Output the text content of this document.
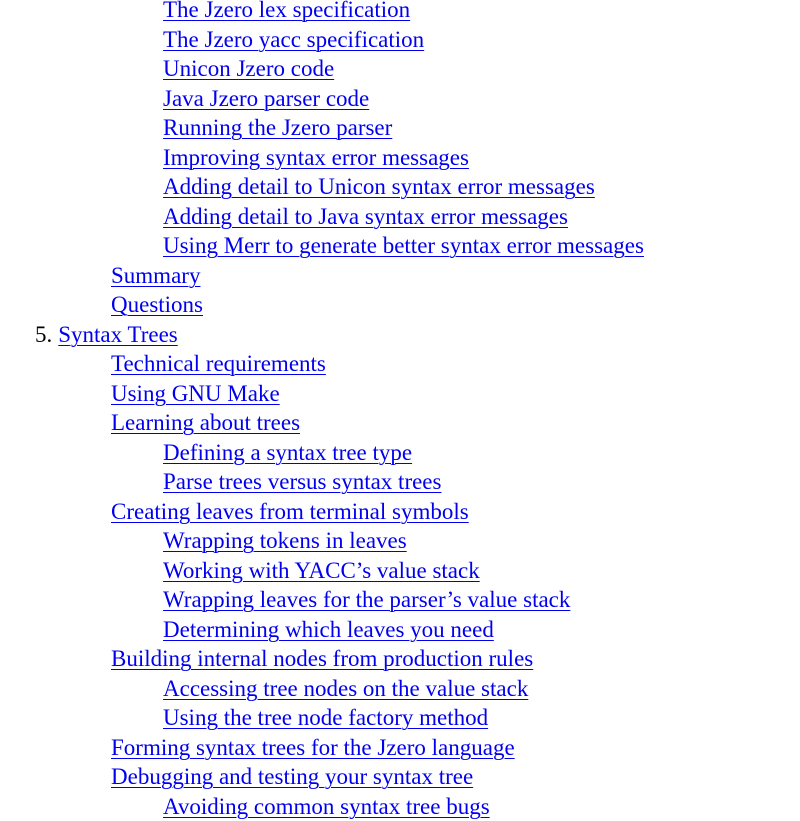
The Jzero lex specification
The Jzero yacc specification
Unicon Jzero code
Java Jzero parser code
Running the Jzero parser
Improving syntax error messages
Adding detail to Unicon syntax error messages
Adding detail to Java syntax error messages
Using Merr to generate better syntax error messages
Summary
Questions
5. Syntax Trees
Technical requirements
Using GNU Make
Learning about trees
Defining a syntax tree type
Parse trees versus syntax trees
Creating leaves from terminal symbols
Wrapping tokens in leaves
Working with YACC’s value stack
Wrapping leaves for the parser’s value stack
Determining which leaves you need
Building internal nodes from production rules
Accessing tree nodes on the value stack
Using the tree node factory method
Forming syntax trees for the Jzero language
Debugging and testing your syntax tree
Avoiding common syntax tree bugs
